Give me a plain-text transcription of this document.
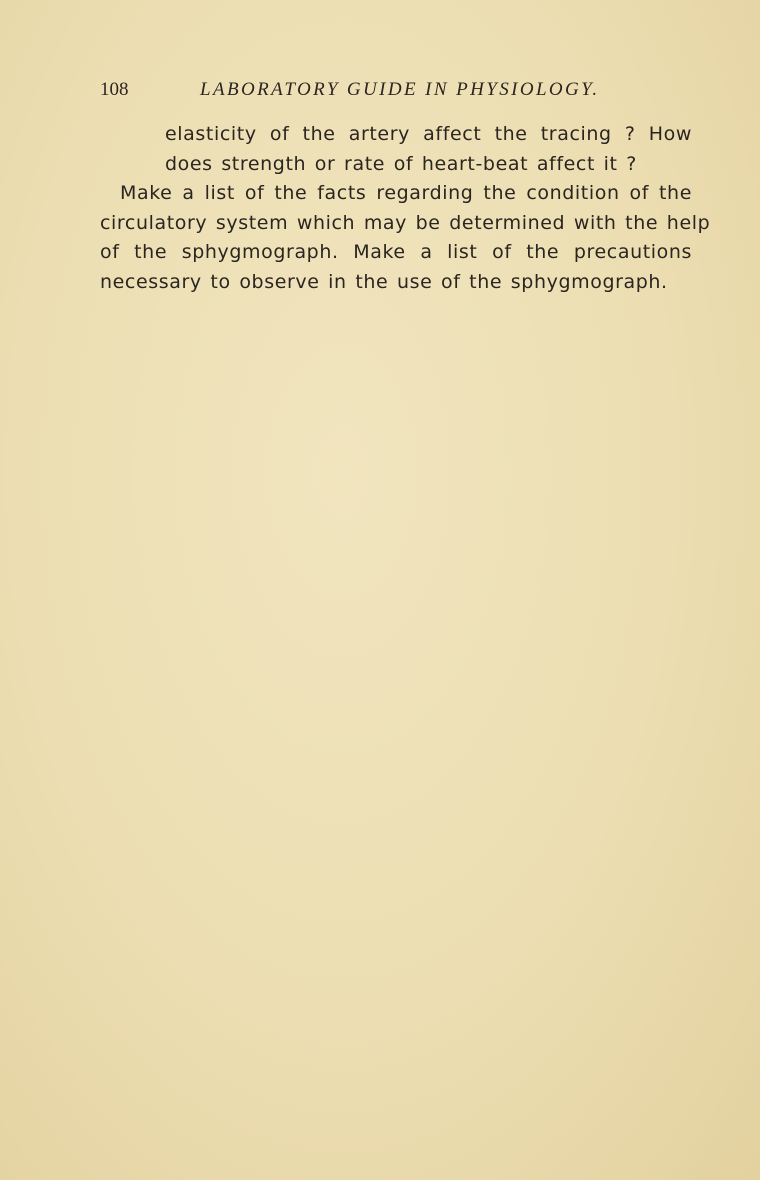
108	LABORATORY GUIDE IN PHYSIOLOGY.
elasticity of the artery affect the tracing ? How
does strength or rate of heart-beat affect it ?
Make a list of the facts regarding the condition of the
circulatory system which may be determined with the help
of the sphygmograph. Make a list of the precautions
necessary to observe in the use of the sphygmograph.
